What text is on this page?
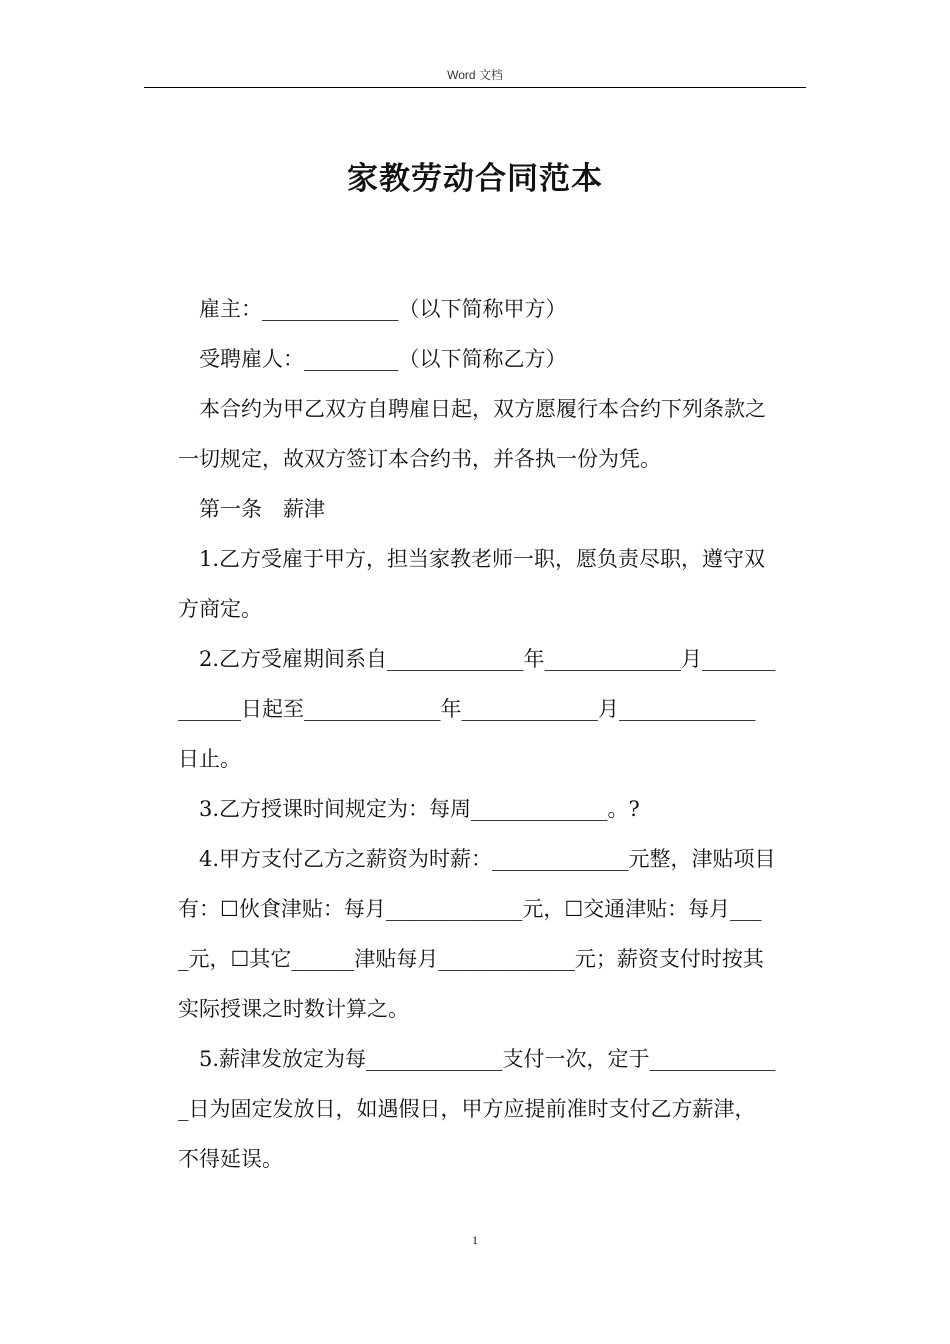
Word 文档
家教劳动合同范本
雇主：_____________（以下简称甲方）
受聘雇人：_________（以下简称乙方）
本合约为甲乙双方自聘雇日起，双方愿履行本合约下列条款之
一切规定，故双方签订本合约书，并各执一份为凭。
第一条　薪津
1.乙方受雇于甲方，担当家教老师一职，愿负责尽职，遵守双
方商定。
2.乙方受雇期间系自_____________年_____________月_______
______日起至_____________年_____________月_____________
日止。
3.乙方授课时间规定为：每周_____________。?
4.甲方支付乙方之薪资为时薪：_____________元整，津贴项目
有：☐伙食津贴：每月_____________元，☐交通津贴：每月___
_元，☐其它______津贴每月_____________元；薪资支付时按其
实际授课之时数计算之。
5.薪津发放定为每_____________支付一次，定于____________
_日为固定发放日，如遇假日，甲方应提前准时支付乙方薪津，
不得延误。
1
